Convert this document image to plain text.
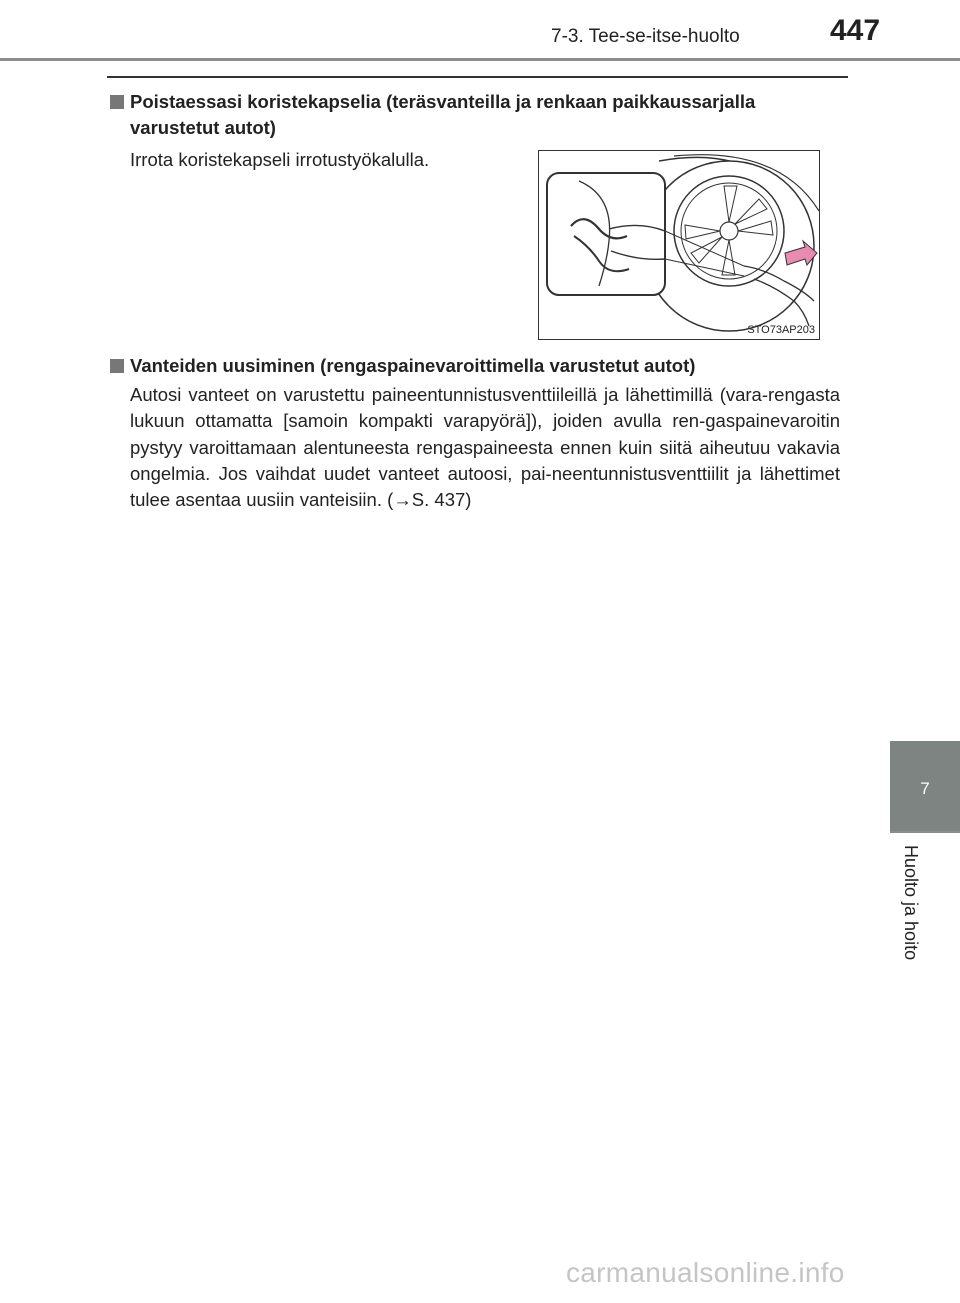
7-3. Tee-se-itse-huolto	447
Poistaessasi koristekapselia (teräsvanteilla ja renkaan paikkaussarjalla
varustetut autot)
Irrota koristekapseli irrotustyökalulla.
STO73AP203
Vanteiden uusiminen (rengaspainevaroittimella varustetut autot)
Autosi vanteet on varustettu paineentunnistusventtiileillä ja lähettimillä (vara-rengasta lukuun ottamatta [samoin kompakti varapyörä]), joiden avulla ren-gaspainevaroitin pystyy varoittamaan alentuneesta rengaspaineesta ennen kuin siitä aiheutuu vakavia ongelmia. Jos vaihdat uudet vanteet autoosi, pai-neentunnistusventtiilit ja lähettimet tulee asentaa uusiin vanteisiin. (→S. 437)
7
Huolto ja hoito
carmanualsonline.info
